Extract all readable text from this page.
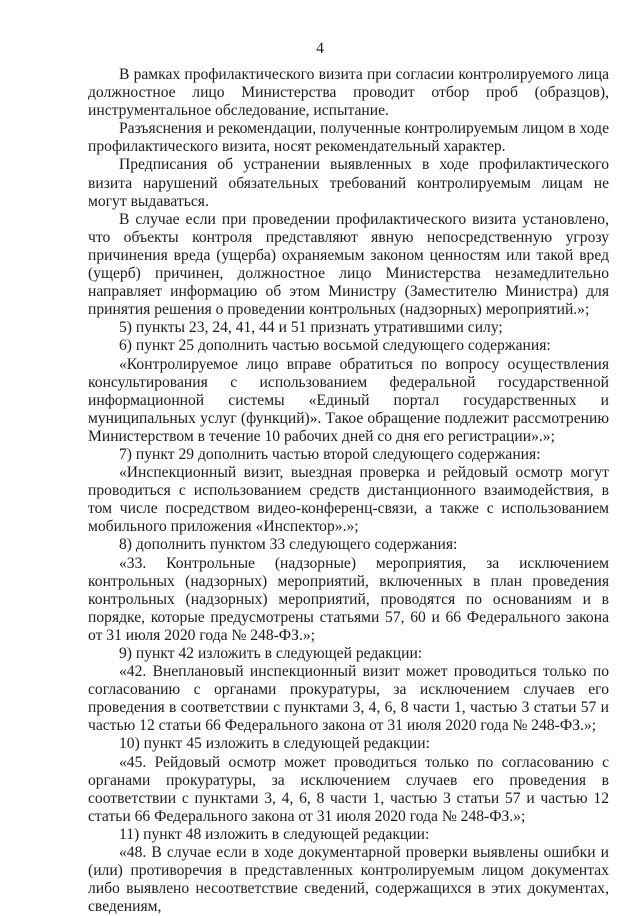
4

В рамках профилактического визита при согласии контролируемого лица должностное лицо Министерства проводит отбор проб (образцов), инструментальное обследование, испытание.

Разъяснения и рекомендации, полученные контролируемым лицом в ходе профилактического визита, носят рекомендательный характер.

Предписания об устранении выявленных в ходе профилактического визита нарушений обязательных требований контролируемым лицам не могут выдаваться.

В случае если при проведении профилактического визита установлено, что объекты контроля представляют явную непосредственную угрозу причинения вреда (ущерба) охраняемым законом ценностям или такой вред (ущерб) причинен, должностное лицо Министерства незамедлительно направляет информацию об этом Министру (Заместителю Министра) для принятия решения о проведении контрольных (надзорных) мероприятий.»;

5) пункты 23, 24, 41, 44 и 51 признать утратившими силу;

6) пункт 25 дополнить частью восьмой следующего содержания:

«Контролируемое лицо вправе обратиться по вопросу осуществления консультирования с использованием федеральной государственной информационной системы «Единый портал государственных и муниципальных услуг (функций)». Такое обращение подлежит рассмотрению Министерством в течение 10 рабочих дней со дня его регистрации».»;

7) пункт 29 дополнить частью второй следующего содержания:

«Инспекционный визит, выездная проверка и рейдовый осмотр могут проводиться с использованием средств дистанционного взаимодействия, в том числе посредством видео-конференц-связи, а также с использованием мобильного приложения «Инспектор».»;

8) дополнить пунктом 33 следующего содержания:

«33. Контрольные (надзорные) мероприятия, за исключением контрольных (надзорных) мероприятий, включенных в план проведения контрольных (надзорных) мероприятий, проводятся по основаниям и в порядке, которые предусмотрены статьями 57, 60 и 66 Федерального закона от 31 июля 2020 года № 248-ФЗ.»;

9) пункт 42 изложить в следующей редакции:

«42. Внеплановый инспекционный визит может проводиться только по согласованию с органами прокуратуры, за исключением случаев его проведения в соответствии с пунктами 3, 4, 6, 8 части 1, частью 3 статьи 57 и частью 12 статьи 66 Федерального закона от 31 июля 2020 года № 248-ФЗ.»;

10) пункт 45 изложить в следующей редакции:

«45. Рейдовый осмотр может проводиться только по согласованию с органами прокуратуры, за исключением случаев его проведения в соответствии с пунктами 3, 4, 6, 8 части 1, частью 3 статьи 57 и частью 12 статьи 66 Федерального закона от 31 июля 2020 года № 248-ФЗ.»;

11) пункт 48 изложить в следующей редакции:

«48. В случае если в ходе документарной проверки выявлены ошибки и (или) противоречия в представленных контролируемым лицом документах либо выявлено несоответствие сведений, содержащихся в этих документах, сведениям,
